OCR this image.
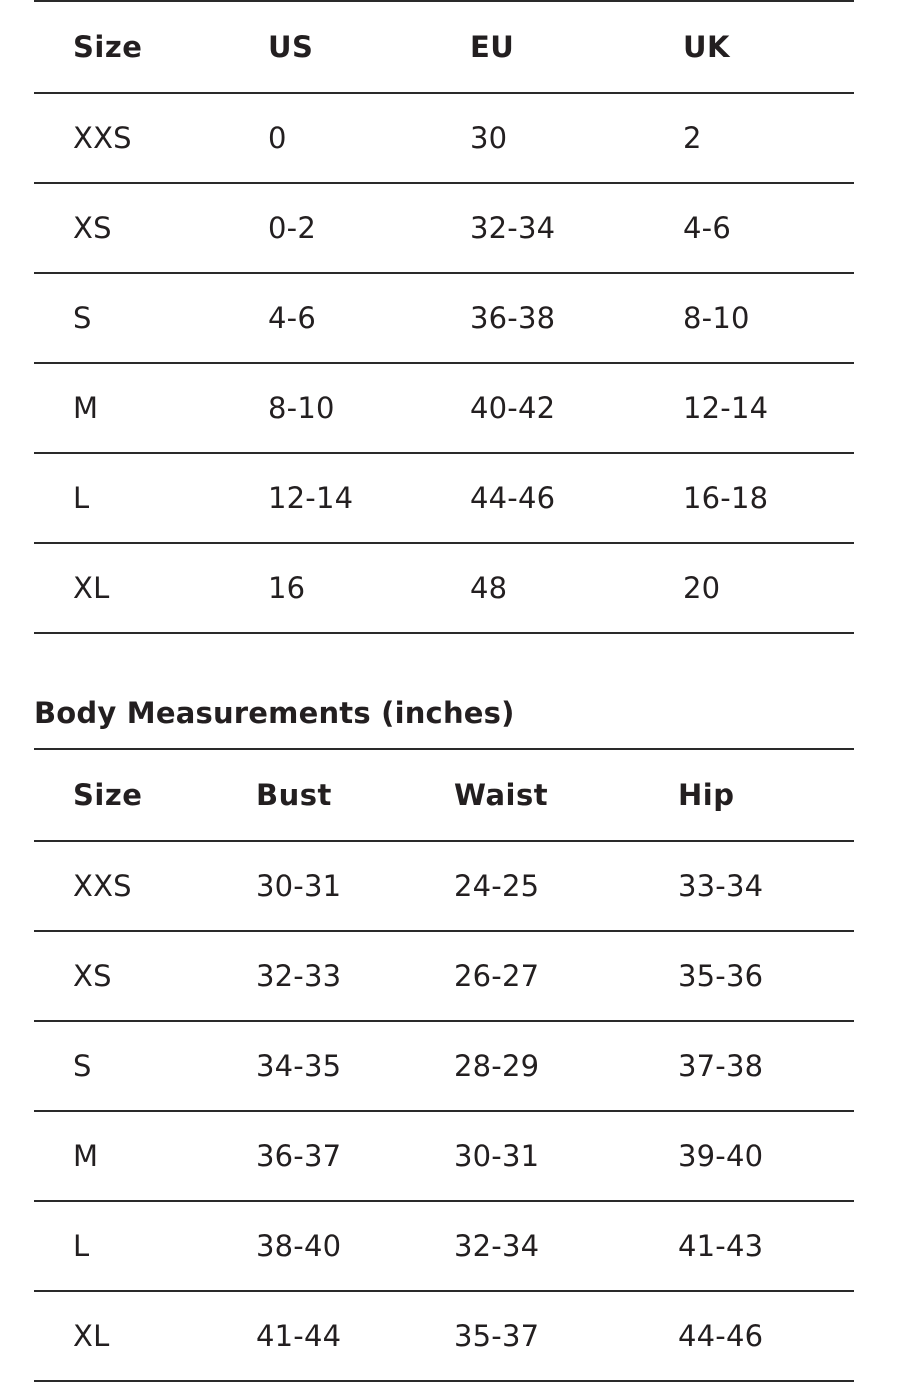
Size	US	EU	UK
XXS	0	30	2
XS	0-2	32-34	4-6
S	4-6	36-38	8-10
M	8-10	40-42	12-14
L	12-14	44-46	16-18
XL	16	48	20
Body Measurements (inches)
Size	Bust	Waist	Hip
XXS	30-31	24-25	33-34
XS	32-33	26-27	35-36
S	34-35	28-29	37-38
M	36-37	30-31	39-40
L	38-40	32-34	41-43
XL	41-44	35-37	44-46
